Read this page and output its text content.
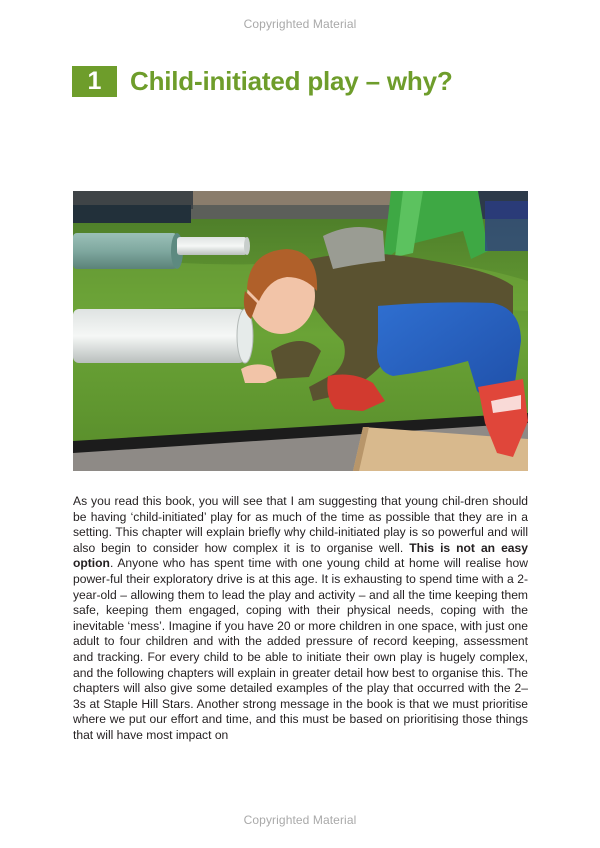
Copyrighted Material
1	Child-initiated play – why?
As you read this book, you will see that I am suggesting that young chil-dren should be having ‘child-initiated’ play for as much of the time as possible that they are in a setting. This chapter will explain briefly why child-initiated play is so powerful and will also begin to consider how complex it is to organise well. This is not an easy option. Anyone who has spent time with one young child at home will realise how power-ful their exploratory drive is at this age. It is exhausting to spend time with a 2-year-old – allowing them to lead the play and activity – and all the time keeping them safe, keeping them engaged, coping with their physical needs, coping with the inevitable ‘mess’. Imagine if you have 20 or more children in one space, with just one adult to four children and with the added pressure of record keeping, assessment and tracking. For every child to be able to initiate their own play is hugely complex, and the following chapters will explain in greater detail how best to organise this. The chapters will also give some detailed examples of the play that occurred with the 2–3s at Staple Hill Stars. Another strong message in the book is that we must prioritise where we put our effort and time, and this must be based on prioritising those things that will have most impact on
Copyrighted Material
